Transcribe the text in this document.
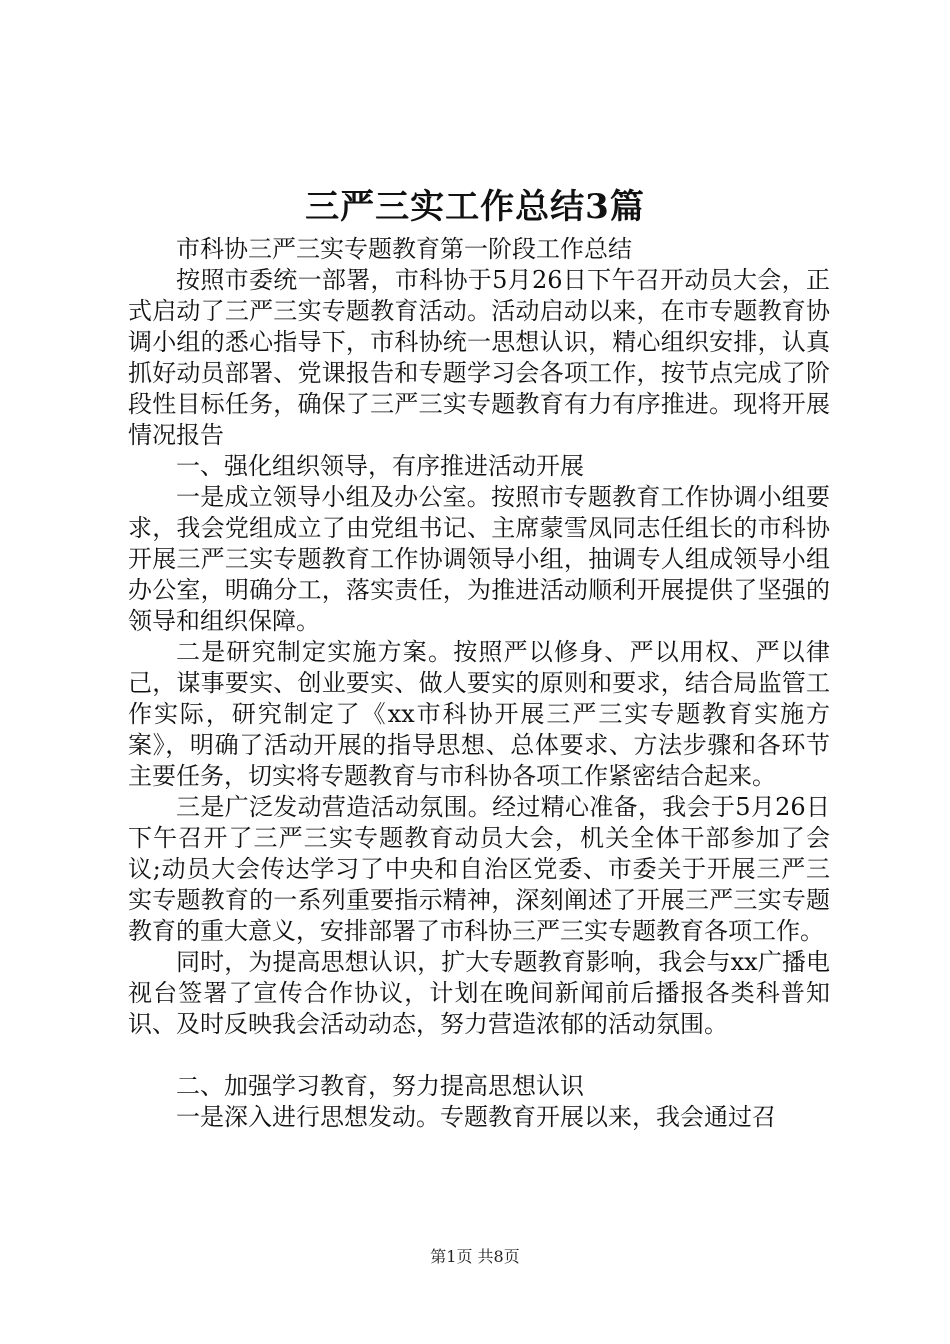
三严三实工作总结3篇

市科协三严三实专题教育第一阶段工作总结

按照市委统一部署，市科协于5月26日下午召开动员大会，正式启动了三严三实专题教育活动。活动启动以来，在市专题教育协调小组的悉心指导下，市科协统一思想认识，精心组织安排，认真抓好动员部署、党课报告和专题学习会各项工作，按节点完成了阶段性目标任务，确保了三严三实专题教育有力有序推进。现将开展情况报告

一、强化组织领导，有序推进活动开展

一是成立领导小组及办公室。按照市专题教育工作协调小组要求，我会党组成立了由党组书记、主席蒙雪凤同志任组长的市科协开展三严三实专题教育工作协调领导小组，抽调专人组成领导小组办公室，明确分工，落实责任，为推进活动顺利开展提供了坚强的领导和组织保障。

二是研究制定实施方案。按照严以修身、严以用权、严以律己，谋事要实、创业要实、做人要实的原则和要求，结合局监管工作实际，研究制定了《xx市科协开展三严三实专题教育实施方案》，明确了活动开展的指导思想、总体要求、方法步骤和各环节主要任务，切实将专题教育与市科协各项工作紧密结合起来。

三是广泛发动营造活动氛围。经过精心准备，我会于5月26日下午召开了三严三实专题教育动员大会，机关全体干部参加了会议;动员大会传达学习了中央和自治区党委、市委关于开展三严三实专题教育的一系列重要指示精神，深刻阐述了开展三严三实专题教育的重大意义，安排部署了市科协三严三实专题教育各项工作。

同时，为提高思想认识，扩大专题教育影响，我会与xx广播电视台签署了宣传合作协议，计划在晚间新闻前后播报各类科普知识、及时反映我会活动动态，努力营造浓郁的活动氛围。

二、加强学习教育，努力提高思想认识

一是深入进行思想发动。专题教育开展以来，我会通过召

第1页 共8页
